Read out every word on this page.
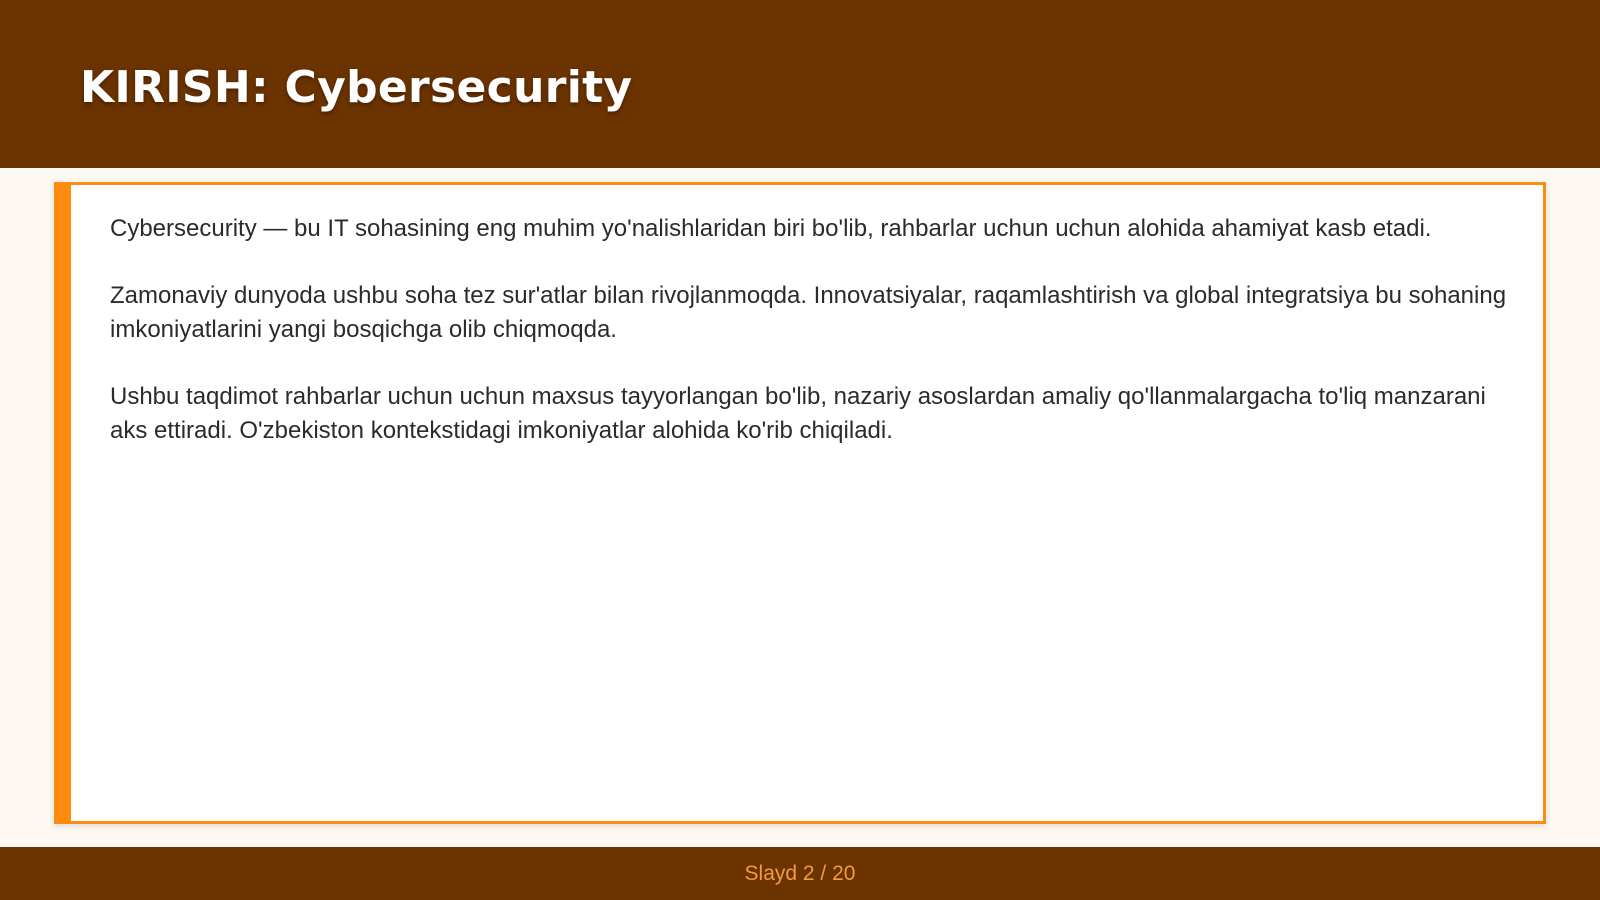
KIRISH: Cybersecurity

Cybersecurity — bu IT sohasining eng muhim yo'nalishlaridan biri bo'lib, rahbarlar uchun uchun alohida ahamiyat kasb etadi.

Zamonaviy dunyoda ushbu soha tez sur'atlar bilan rivojlanmoqda. Innovatsiyalar, raqamlashtirish va global integratsiya bu sohaning imkoniyatlarini yangi bosqichga olib chiqmoqda.

Ushbu taqdimot rahbarlar uchun uchun maxsus tayyorlangan bo'lib, nazariy asoslardan amaliy qo'llanmalargacha to'liq manzarani aks ettiradi. O'zbekiston kontekstidagi imkoniyatlar alohida ko'rib chiqiladi.

Slayd 2 / 20
